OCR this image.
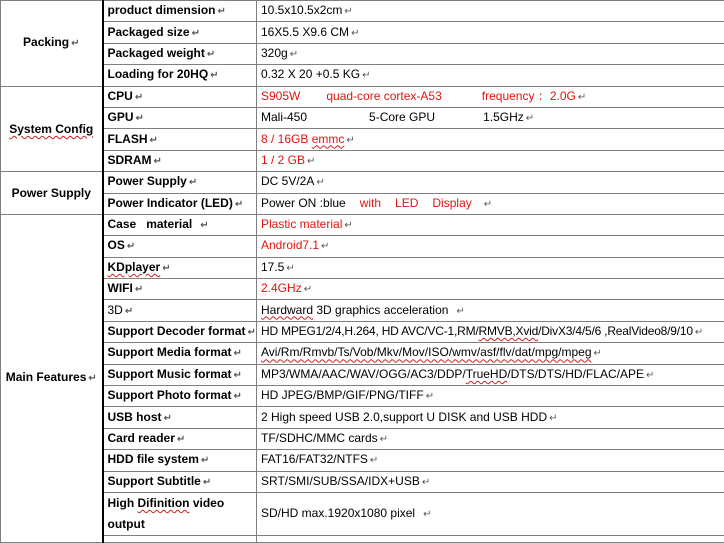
Packing ↵	product dimension ↵	10.5x10.5x2cm ↵
	Packaged size ↵	16X5.5 X9.6 CM ↵
	Packaged weight ↵	320g ↵
	Loading for 20HQ ↵	0.32 X 20 +0.5 KG ↵
System Config	CPU ↵	S905W quad-core cortex-A53 frequency ：2.0G ↵
	GPU ↵	Mali-450 5-Core GPU 1.5GHz ↵
	FLASH ↵	8 / 16GB emmc ↵
	SDRAM ↵	1 / 2 GB ↵
Power Supply	Power Supply ↵	DC 5V/2A ↵
	Power Indicator (LED) ↵	Power ON :blue with LED Display ↵
Main Features ↵	Case   material ↵	Plastic material ↵
	OS ↵	Android7.1 ↵
	KDplayer ↵	17.5 ↵
	WIFI ↵	2.4GHz ↵
	3D ↵	Hardward 3D graphics acceleration ↵
	Support Decoder format ↵	HD MPEG1/2/4,H.264, HD AVC/VC-1,RM/RMVB,Xvid/DivX3/4/5/6 ,RealVideo8/9/10 ↵
	Support Media format ↵	Avi/Rm/Rmvb/Ts/Vob/Mkv/Mov/ISO/wmv/asf/flv/dat/mpg/mpeg ↵
	Support Music format ↵	MP3/WMA/AAC/WAV/OGG/AC3/DDP/TrueHD/DTS/DTS/HD/FLAC/APE ↵
	Support Photo format ↵	HD JPEG/BMP/GIF/PNG/TIFF ↵
	USB host ↵	2 High speed USB 2.0,support U DISK and USB HDD ↵
	Card reader ↵	TF/SDHC/MMC cards ↵
	HDD file system ↵	FAT16/FAT32/NTFS ↵
	Support Subtitle ↵	SRT/SMI/SUB/SSA/IDX+USB ↵
	High Difinition video output	SD/HD max.1920x1080 pixel ↵
